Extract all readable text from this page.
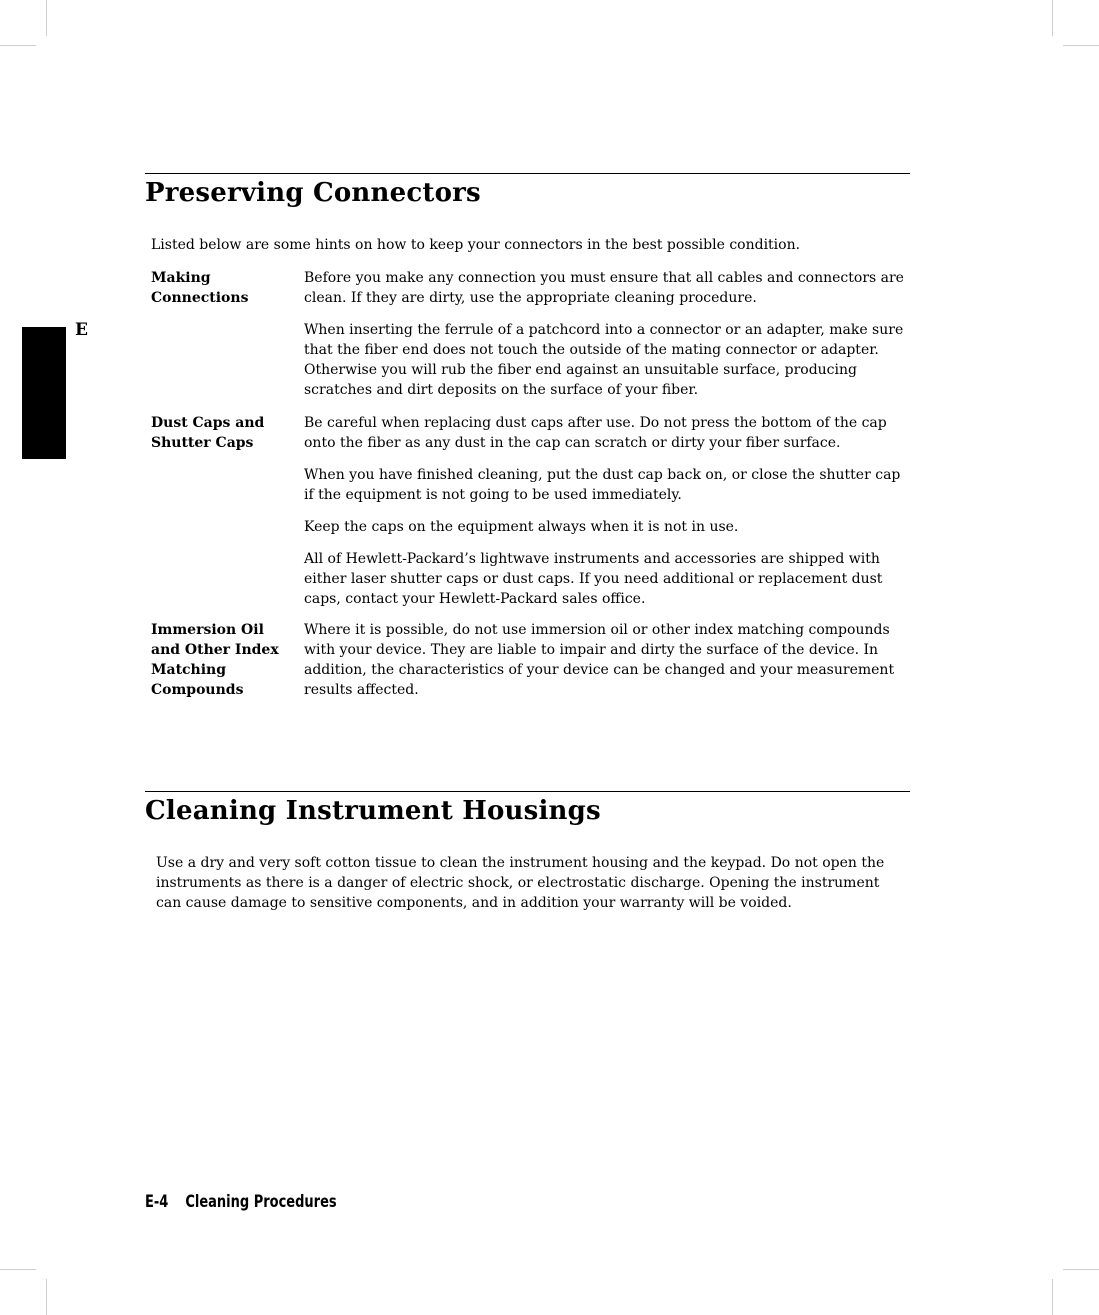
E
Preserving Connectors

Listed below are some hints on how to keep your connectors in the best possible condition.

Making
Connections

Before you make any connection you must ensure that all cables and connectors are clean. If they are dirty, use the appropriate cleaning procedure.

When inserting the ferrule of a patchcord into a connector or an adapter, make sure that the fiber end does not touch the outside of the mating connector or adapter. Otherwise you will rub the fiber end against an unsuitable surface, producing scratches and dirt deposits on the surface of your fiber.

Dust Caps and
Shutter Caps

Be careful when replacing dust caps after use. Do not press the bottom of the cap onto the fiber as any dust in the cap can scratch or dirty your fiber surface.

When you have finished cleaning, put the dust cap back on, or close the shutter cap if the equipment is not going to be used immediately.

Keep the caps on the equipment always when it is not in use.

All of Hewlett-Packard’s lightwave instruments and accessories are shipped with either laser shutter caps or dust caps. If you need additional or replacement dust caps, contact your Hewlett-Packard sales office.

Immersion Oil
and Other Index
Matching
Compounds

Where it is possible, do not use immersion oil or other index matching compounds with your device. They are liable to impair and dirty the surface of the device. In addition, the characteristics of your device can be changed and your measurement results affected.

Cleaning Instrument Housings

Use a dry and very soft cotton tissue to clean the instrument housing and the keypad. Do not open the instruments as there is a danger of electric shock, or electrostatic discharge. Opening the instrument can cause damage to sensitive components, and in addition your warranty will be voided.

E-4 Cleaning Procedures
